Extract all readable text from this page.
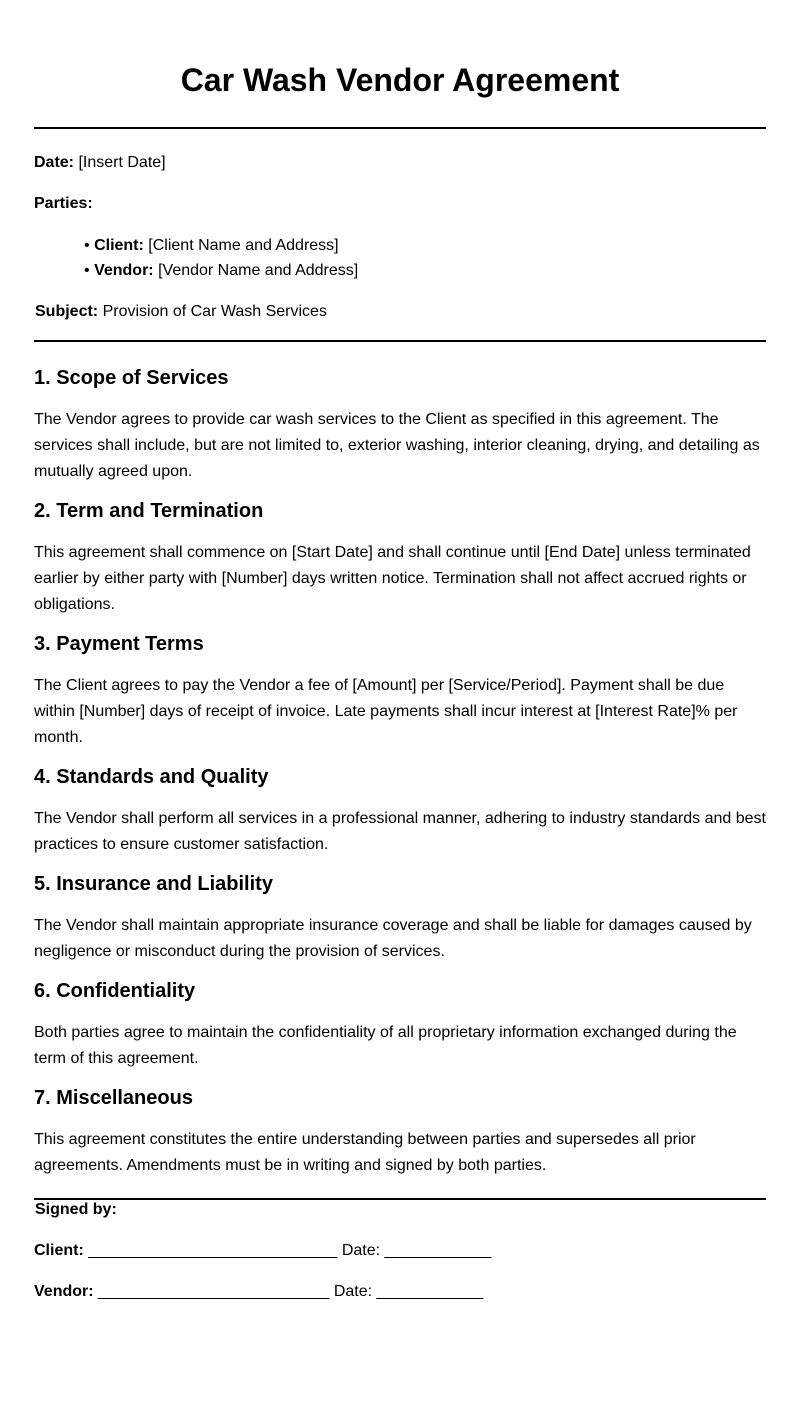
Car Wash Vendor Agreement

Date: [Insert Date]

Parties:

• Client: [Client Name and Address]
• Vendor: [Vendor Name and Address]

Subject: Provision of Car Wash Services

1. Scope of Services

The Vendor agrees to provide car wash services to the Client as specified in this agreement. The services shall include, but are not limited to, exterior washing, interior cleaning, drying, and detailing as mutually agreed upon.

2. Term and Termination

This agreement shall commence on [Start Date] and shall continue until [End Date] unless terminated earlier by either party with [Number] days written notice. Termination shall not affect accrued rights or obligations.

3. Payment Terms

The Client agrees to pay the Vendor a fee of [Amount] per [Service/Period]. Payment shall be due within [Number] days of receipt of invoice. Late payments shall incur interest at [Interest Rate]% per month.

4. Standards and Quality

The Vendor shall perform all services in a professional manner, adhering to industry standards and best practices to ensure customer satisfaction.

5. Insurance and Liability

The Vendor shall maintain appropriate insurance coverage and shall be liable for damages caused by negligence or misconduct during the provision of services.

6. Confidentiality

Both parties agree to maintain the confidentiality of all proprietary information exchanged during the term of this agreement.

7. Miscellaneous

This agreement constitutes the entire understanding between parties and supersedes all prior agreements. Amendments must be in writing and signed by both parties.

Signed by:

Client: ____________________________ Date: ____________

Vendor: __________________________ Date: ____________
